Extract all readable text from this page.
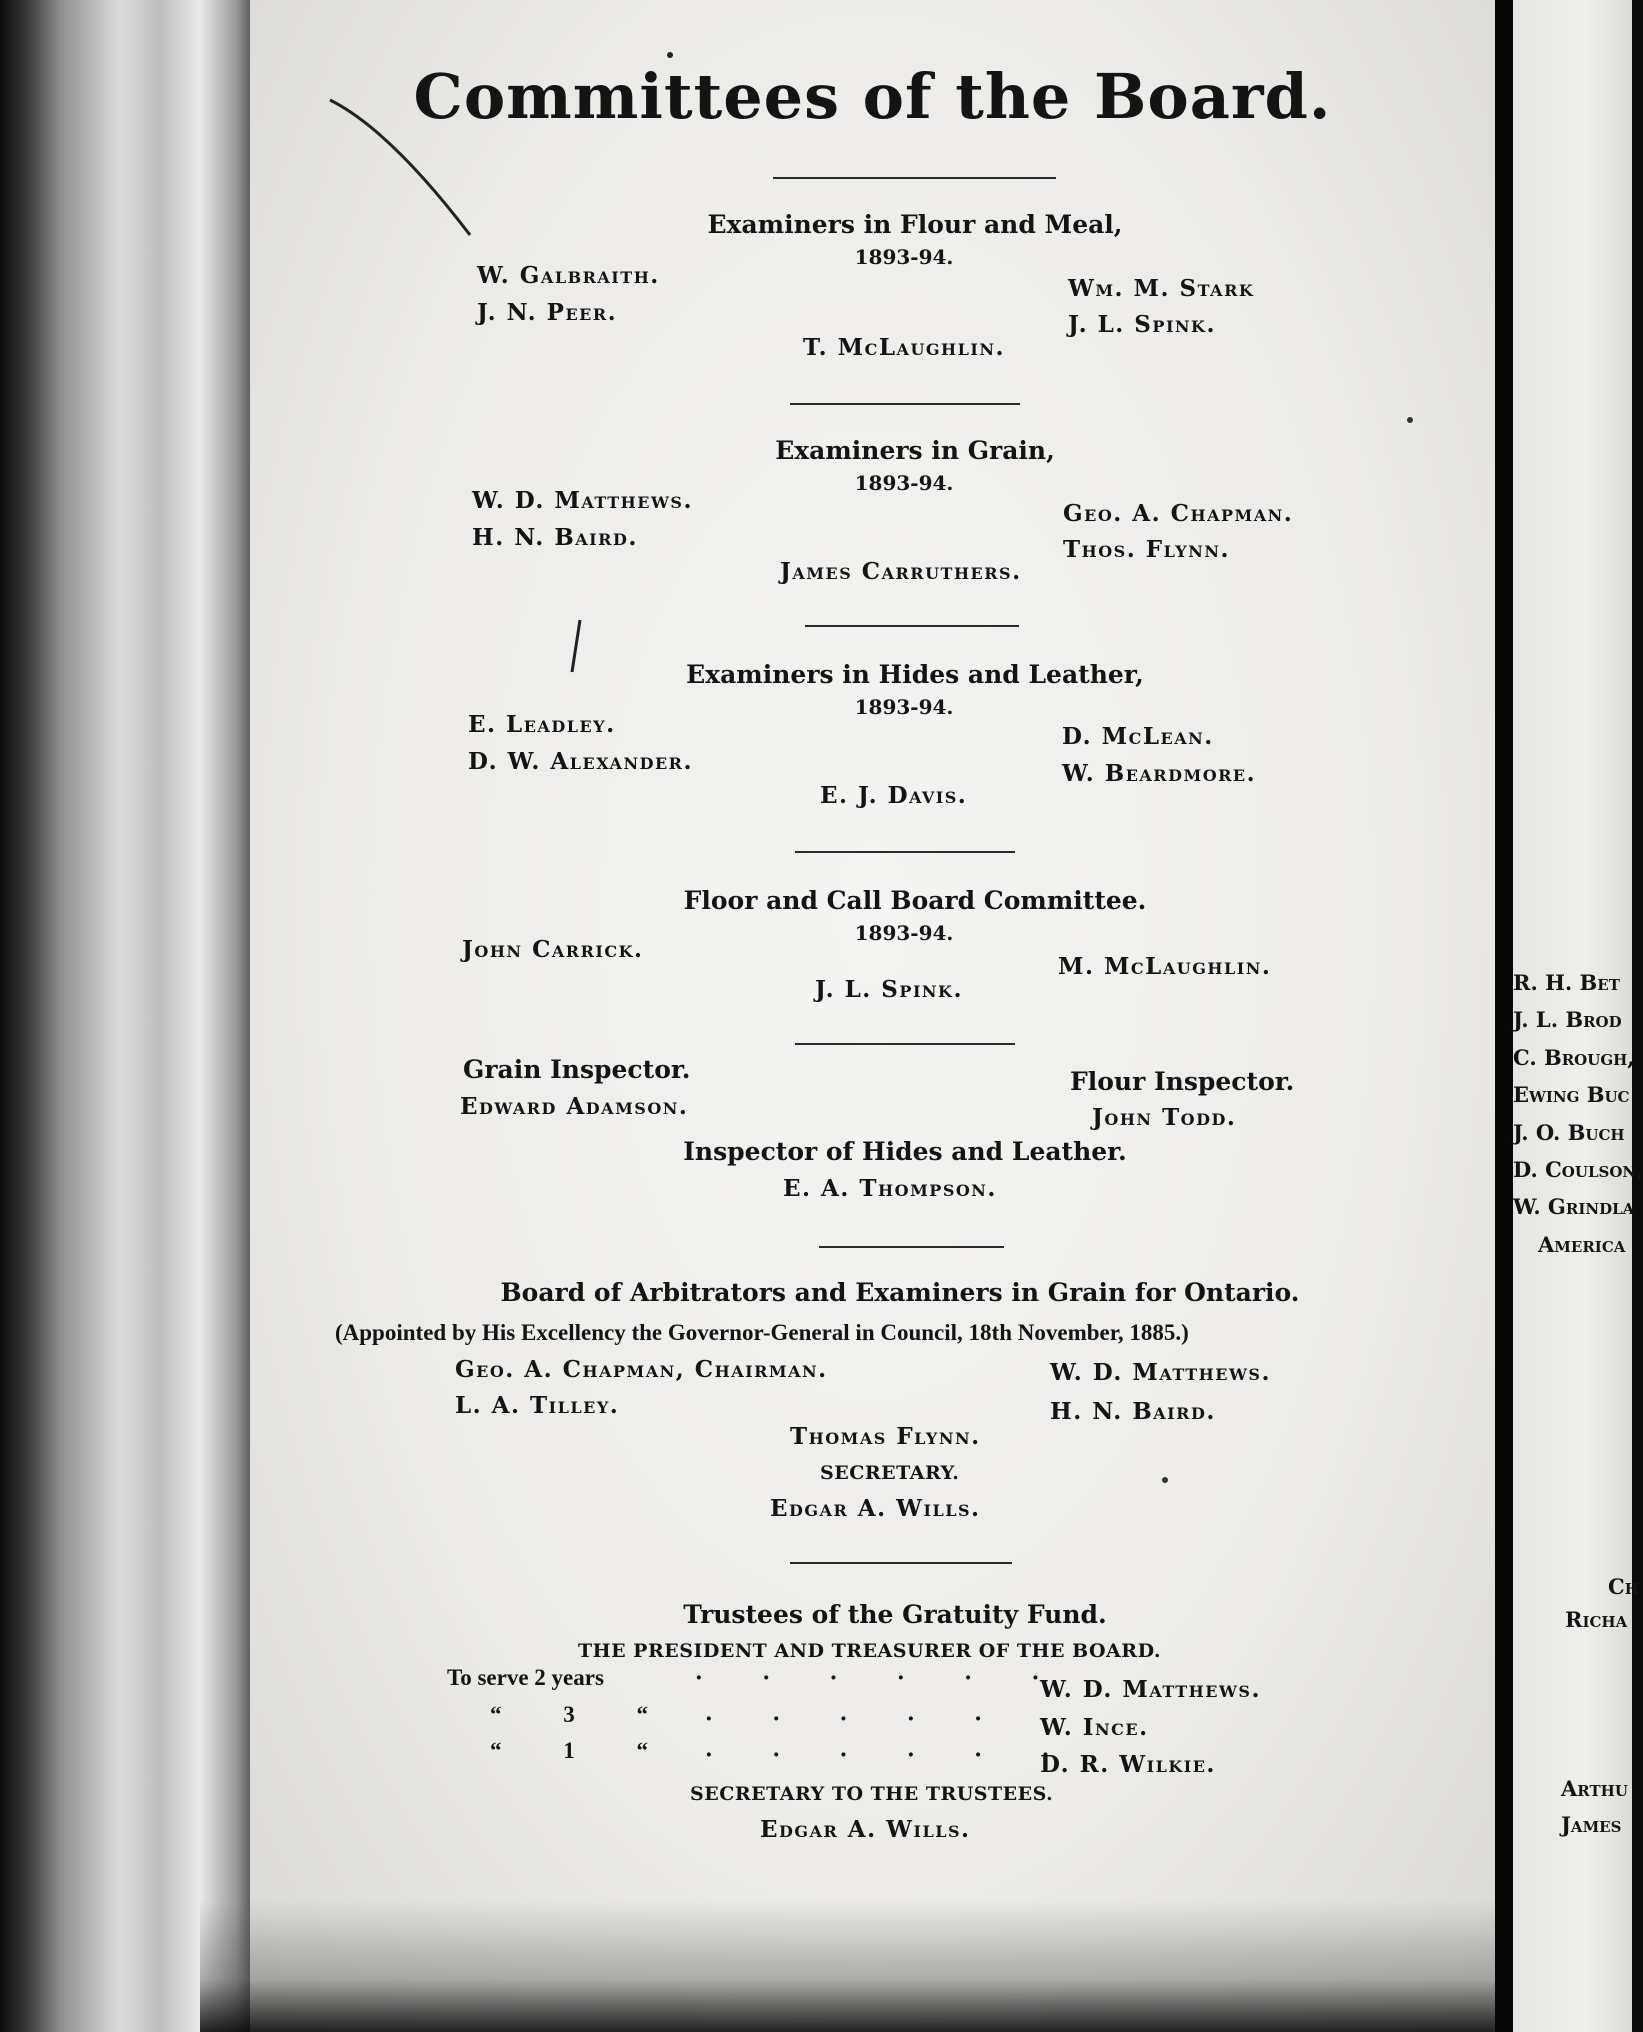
R. H. Bet
J. L. Brod
C. Brough,
Ewing Buc
J. O. Buch
D. Coulson,
W. Grindla
America
Ch
Richa
Arthu
James
Committees of the Board.
Examiners in Flour and Meal,
1893-94.
W. Galbraith.
J. N. Peer.
Wm. M. Stark
J. L. Spink.
T. McLaughlin.
Examiners in Grain,
1893-94.
W. D. Matthews.
H. N. Baird.
Geo. A. Chapman.
Thos. Flynn.
James Carruthers.
Examiners in Hides and Leather,
1893-94.
E. Leadley.
D. W. Alexander.
D. McLean.
W. Beardmore.
E. J. Davis.
Floor and Call Board Committee.
1893-94.
John Carrick.
M. McLaughlin.
J. L. Spink.
Grain Inspector.
Edward Adamson.
Flour Inspector.
John Todd.
Inspector of Hides and Leather.
E. A. Thompson.
Board of Arbitrators and Examiners in Grain for Ontario.
(Appointed by His Excellency the Governor-General in Council, 18th November, 1885.)
Geo. A. Chapman, Chairman.
L. A. Tilley.
W. D. Matthews.
H. N. Baird.
Thomas Flynn.
SECRETARY.
Edgar A. Wills.
Trustees of the Gratuity Fund.
THE PRESIDENT AND TREASURER OF THE BOARD.
To serve 2 years	· · · · · ·
W. D. Matthews.
“ 3 “ · · · · · W. Ince.
“ 1 “ · · · · · ·
D. R. Wilkie.
SECRETARY TO THE TRUSTEES.
Edgar A. Wills.
